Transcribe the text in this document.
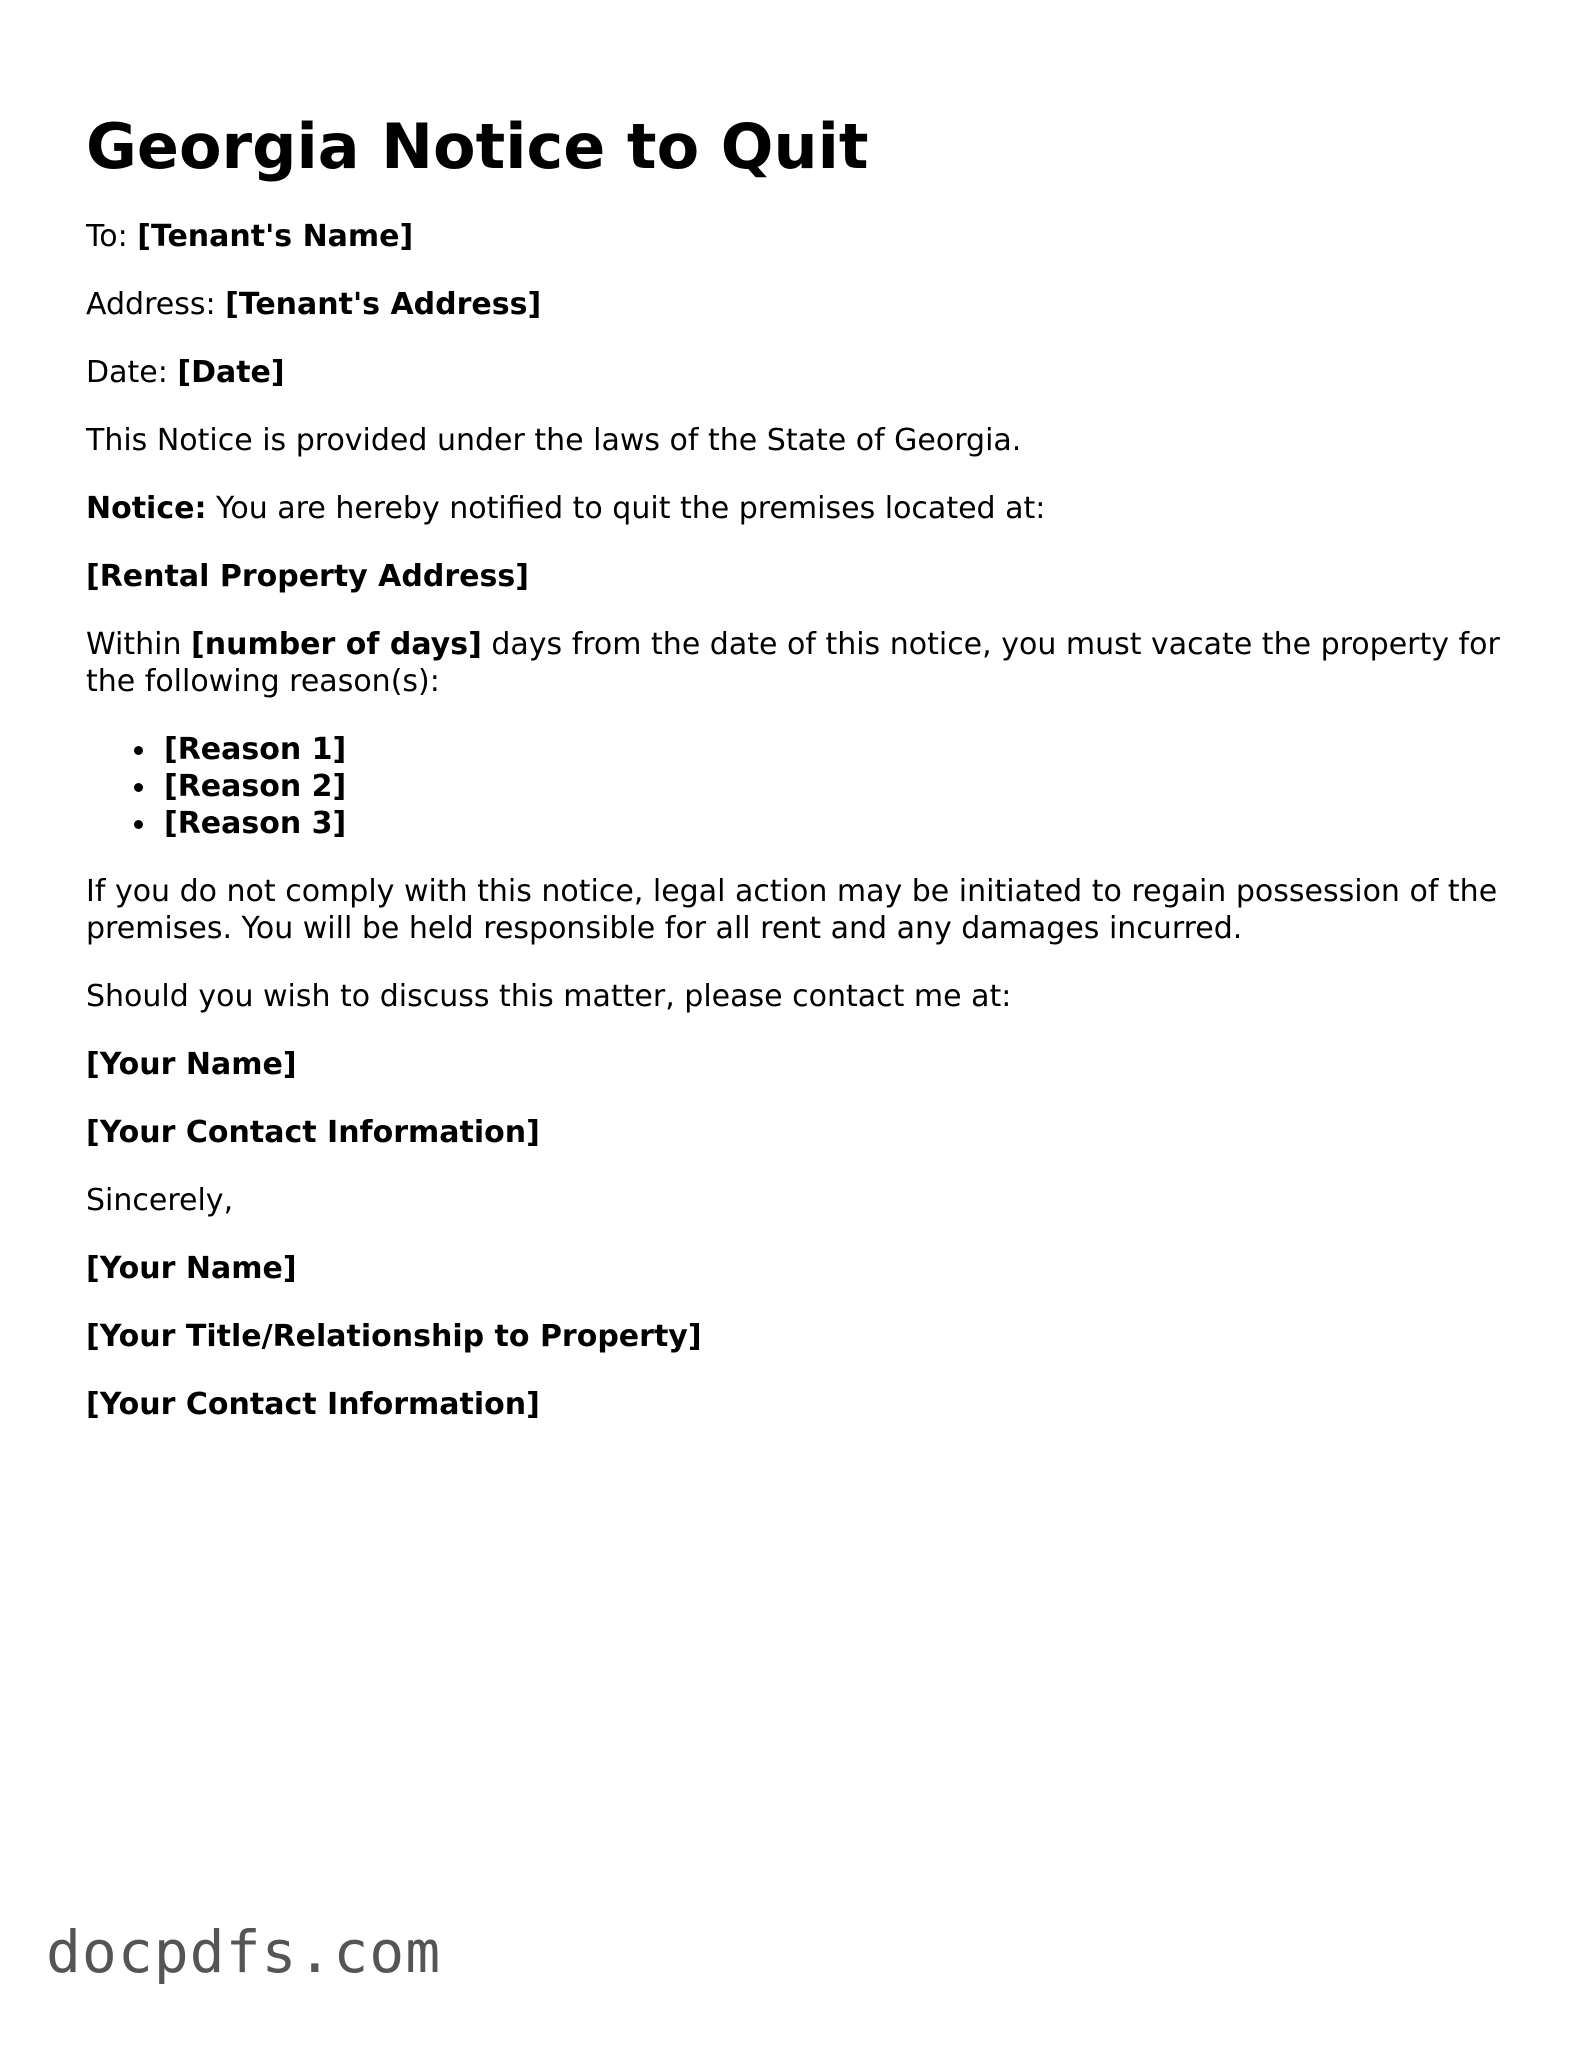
Georgia Notice to Quit

To: [Tenant's Name]

Address: [Tenant's Address]

Date: [Date]

This Notice is provided under the laws of the State of Georgia.

Notice: You are hereby notified to quit the premises located at:

[Rental Property Address]

Within [number of days] days from the date of this notice, you must vacate the property for the following reason(s):

[Reason 1]
[Reason 2]
[Reason 3]

If you do not comply with this notice, legal action may be initiated to regain possession of the premises. You will be held responsible for all rent and any damages incurred.

Should you wish to discuss this matter, please contact me at:

[Your Name]

[Your Contact Information]

Sincerely,

[Your Name]

[Your Title/Relationship to Property]

[Your Contact Information]

docpdfs.com
